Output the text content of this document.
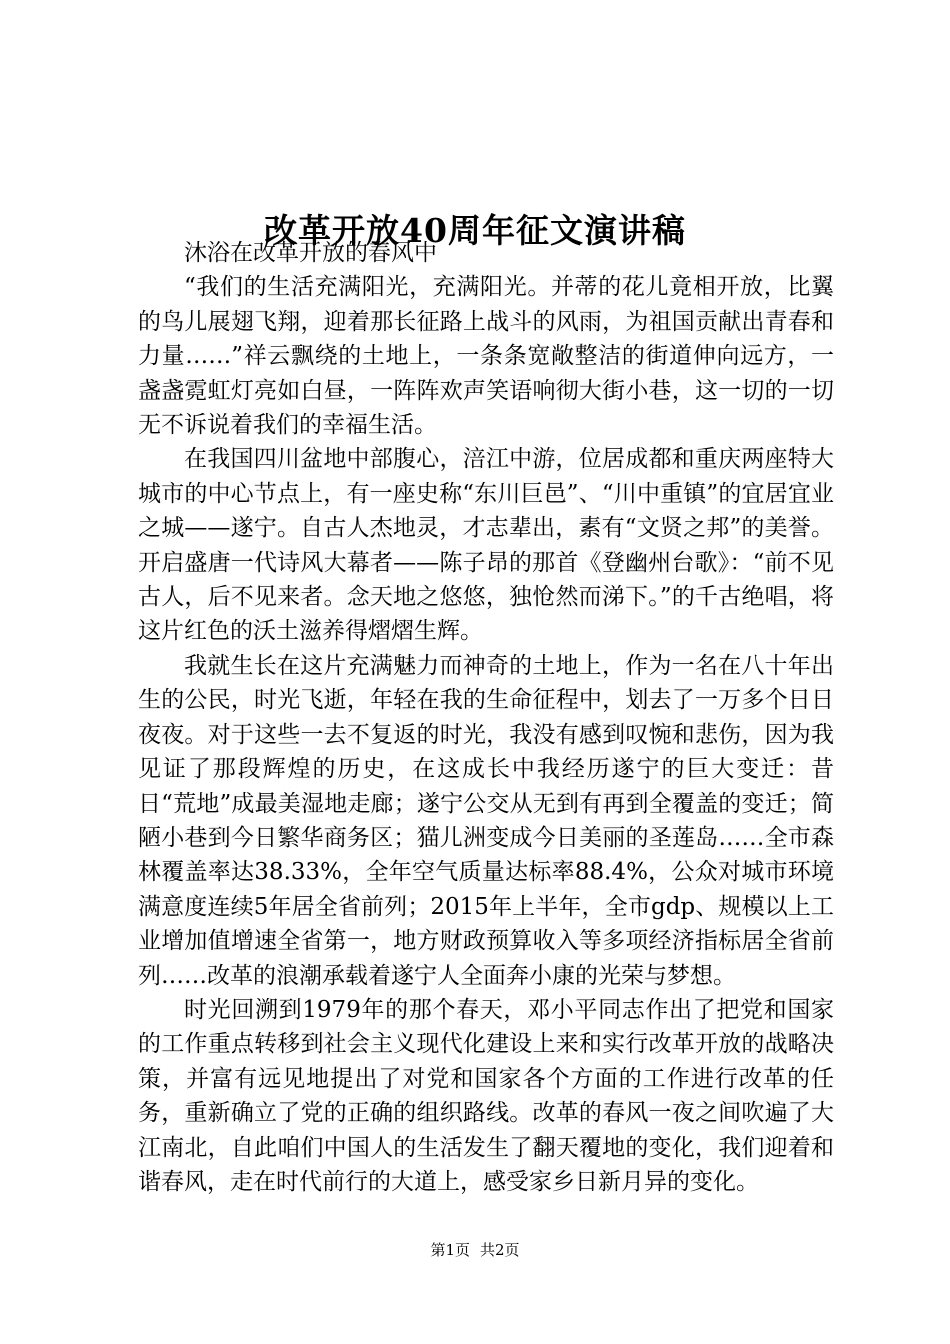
改革开放40周年征文演讲稿

沐浴在改革开放的春风中

“我们的生活充满阳光，充满阳光。并蒂的花儿竟相开放，比翼的鸟儿展翅飞翔，迎着那长征路上战斗的风雨，为祖国贡献出青春和力量……”祥云飘绕的土地上，一条条宽敞整洁的街道伸向远方，一盏盏霓虹灯亮如白昼，一阵阵欢声笑语响彻大街小巷，这一切的一切无不诉说着我们的幸福生活。

在我国四川盆地中部腹心，涪江中游，位居成都和重庆两座特大城市的中心节点上，有一座史称“东川巨邑”、“川中重镇”的宜居宜业之城——遂宁。自古人杰地灵，才志辈出，素有“文贤之邦”的美誉。开启盛唐一代诗风大幕者——陈子昂的那首《登幽州台歌》：“前不见古人，后不见来者。念天地之悠悠，独怆然而涕下。”的千古绝唱，将这片红色的沃土滋养得熠熠生辉。

我就生长在这片充满魅力而神奇的土地上，作为一名在八十年出生的公民，时光飞逝，年轻在我的生命征程中，划去了一万多个日日夜夜。对于这些一去不复返的时光，我没有感到叹惋和悲伤，因为我见证了那段辉煌的历史，在这成长中我经历遂宁的巨大变迁：昔日“荒地”成最美湿地走廊；遂宁公交从无到有再到全覆盖的变迁；简陋小巷到今日繁华商务区；猫儿洲变成今日美丽的圣莲岛……全市森林覆盖率达38.33%，全年空气质量达标率88.4%，公众对城市环境满意度连续5年居全省前列；2015年上半年，全市gdp、规模以上工业增加值增速全省第一，地方财政预算收入等多项经济指标居全省前列……改革的浪潮承载着遂宁人全面奔小康的光荣与梦想。

时光回溯到1979年的那个春天，邓小平同志作出了把党和国家的工作重点转移到社会主义现代化建设上来和实行改革开放的战略决策，并富有远见地提出了对党和国家各个方面的工作进行改革的任务，重新确立了党的正确的组织路线。改革的春风一夜之间吹遍了大江南北，自此咱们中国人的生活发生了翻天覆地的变化，我们迎着和谐春风，走在时代前行的大道上，感受家乡日新月异的变化。

第1页 共2页
